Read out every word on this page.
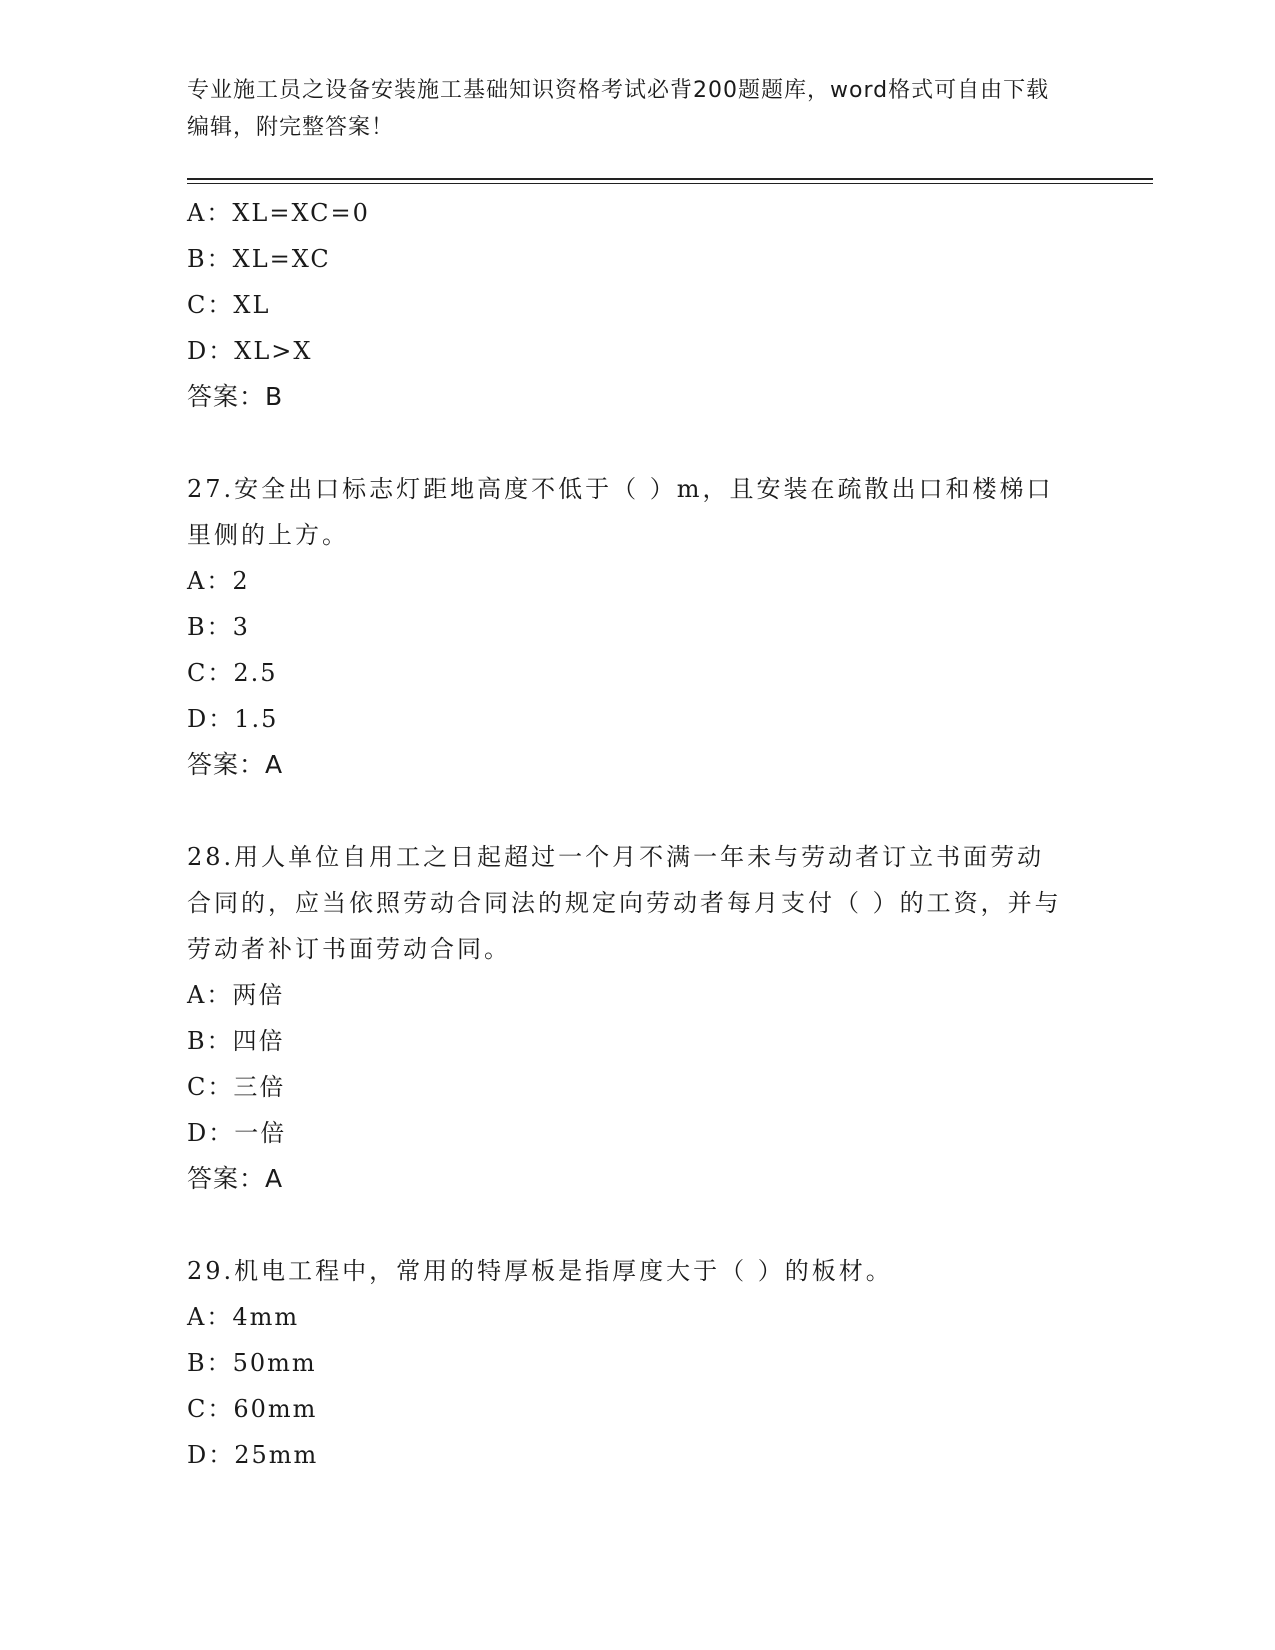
专业施工员之设备安装施工基础知识资格考试必背200题题库，word格式可自由下载编辑，附完整答案！
A：XL=XC=0
B：XL=XC
C：XL
D：XL>X
答案：B

27.安全出口标志灯距地高度不低于（ ）m，且安装在疏散出口和楼梯口里侧的上方。

A：2
B：3
C：2.5
D：1.5
答案：A

28.用人单位自用工之日起超过一个月不满一年未与劳动者订立书面劳动合同的，应当依照劳动合同法的规定向劳动者每月支付（ ）的工资，并与劳动者补订书面劳动合同。

A：两倍
B：四倍
C：三倍
D：一倍
答案：A

29.机电工程中，常用的特厚板是指厚度大于（ ）的板材。

A：4mm
B：50mm
C：60mm
D：25mm
